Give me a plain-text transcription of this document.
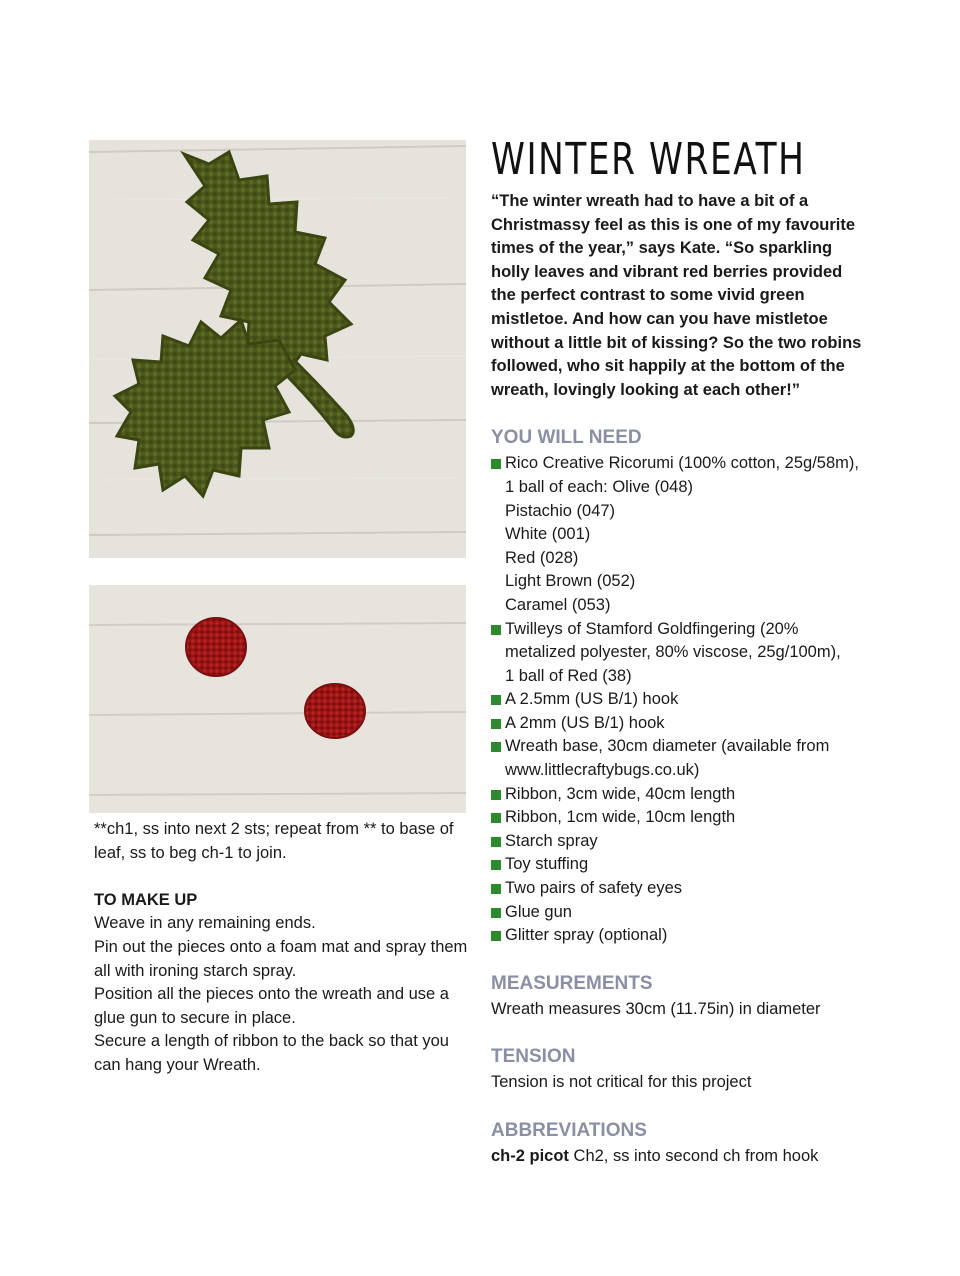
**ch1, ss into next 2 sts; repeat from ** to base of leaf, ss to beg ch-1 to join.

TO MAKE UP

Weave in any remaining ends.

Pin out the pieces onto a foam mat and spray them all with ironing starch spray.

Position all the pieces onto the wreath and use a glue gun to secure in place.

Secure a length of ribbon to the back so that you can hang your Wreath.

WINTER WREATH

“The winter wreath had to have a bit of a Christmassy feel as this is one of my favourite times of the year,” says Kate. “So sparkling holly leaves and vibrant red berries provided the perfect contrast to some vivid green mistletoe. And how can you have mistletoe without a little bit of kissing? So the two robins followed, who sit happily at the bottom of the wreath, lovingly looking at each other!”

YOU WILL NEED
Rico Creative Ricorumi (100% cotton, 25g/58m),
1 ball of each: Olive (048)
Pistachio (047)
White (001)
Red (028)
Light Brown (052)
Caramel (053)
Twilleys of Stamford Goldfingering (20%
metalized polyester, 80% viscose, 25g/100m),
1 ball of Red (38)
A 2.5mm (US B/1) hook
A 2mm (US B/1) hook
Wreath base, 30cm diameter (available from
www.littlecraftybugs.co.uk)
Ribbon, 3cm wide, 40cm length
Ribbon, 1cm wide, 10cm length
Starch spray
Toy stuffing
Two pairs of safety eyes
Glue gun
Glitter spray (optional)
MEASUREMENTS

Wreath measures 30cm (11.75in) in diameter

TENSION

Tension is not critical for this project

ABBREVIATIONS

ch-2 picot Ch2, ss into second ch from hook
